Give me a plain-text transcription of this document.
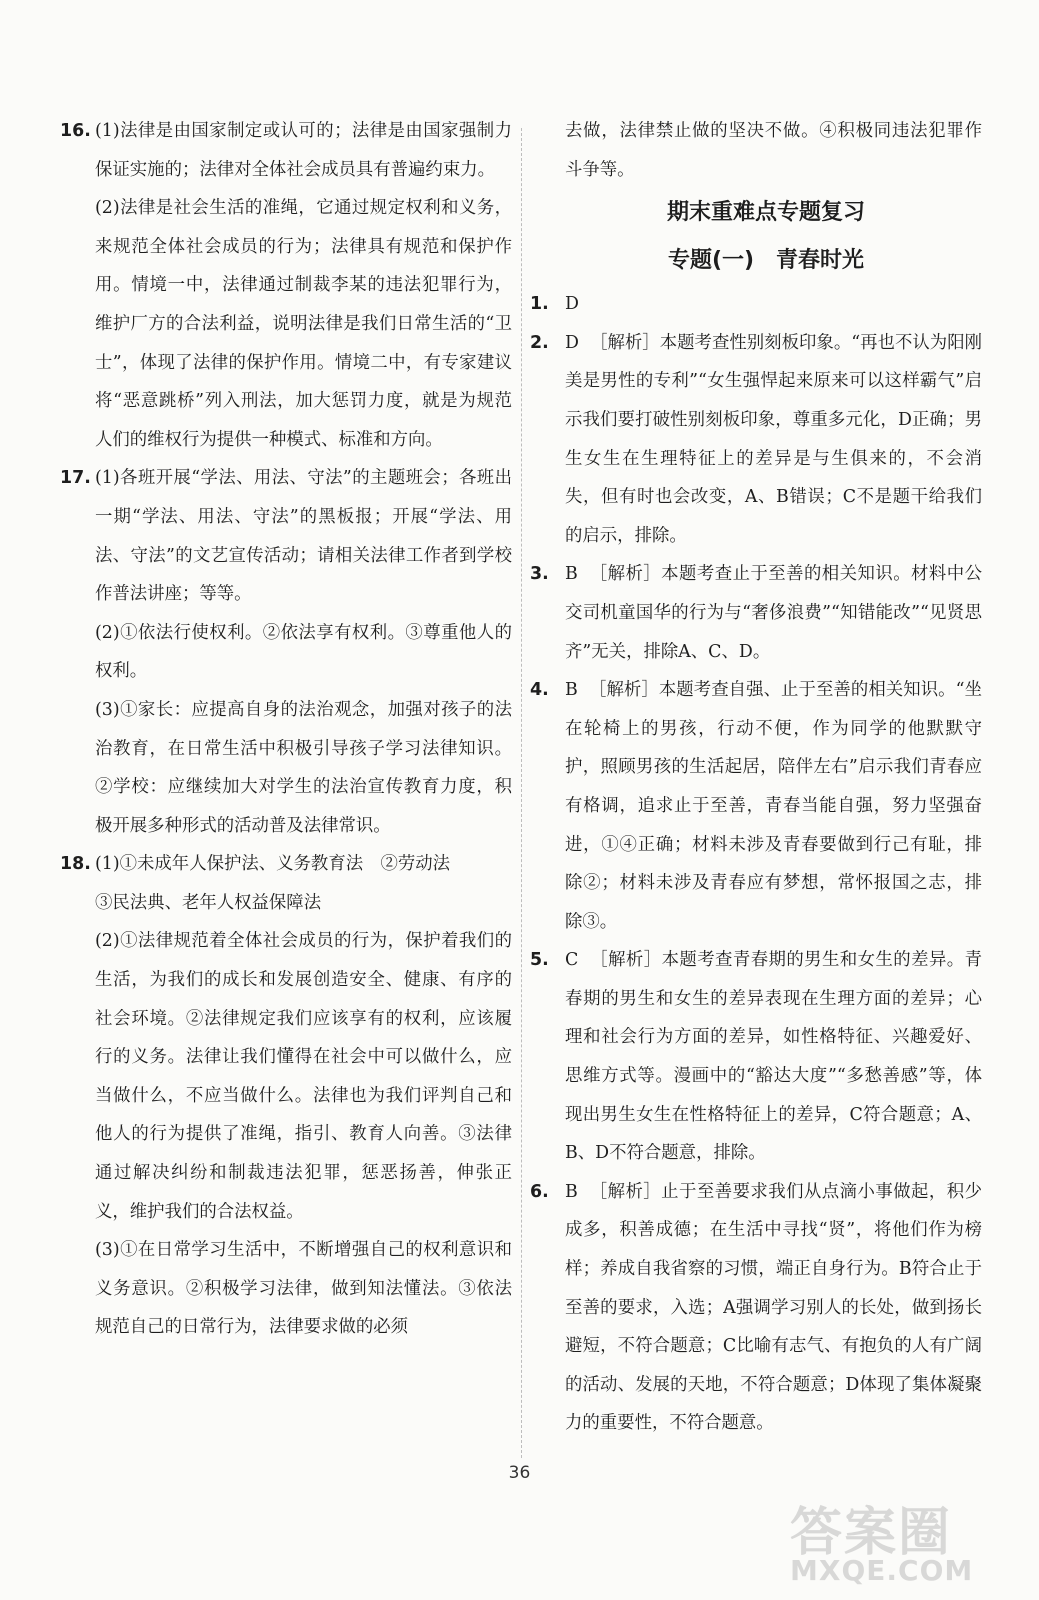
16. (1)法律是由国家制定或认可的；法律是由国家强制力保证实施的；法律对全体社会成员具有普遍约束力。
(2)法律是社会生活的准绳，它通过规定权利和义务，来规范全体社会成员的行为；法律具有规范和保护作用。情境一中，法律通过制裁李某的违法犯罪行为，维护厂方的合法利益，说明法律是我们日常生活的“卫士”，体现了法律的保护作用。情境二中，有专家建议将“恶意跳桥”列入刑法，加大惩罚力度，就是为规范人们的维权行为提供一种模式、标准和方向。
17. (1)各班开展“学法、用法、守法”的主题班会；各班出一期“学法、用法、守法”的黑板报；开展“学法、用法、守法”的文艺宣传活动；请相关法律工作者到学校作普法讲座；等等。
(2)①依法行使权利。②依法享有权利。③尊重他人的权利。
(3)①家长：应提高自身的法治观念，加强对孩子的法治教育，在日常生活中积极引导孩子学习法律知识。②学校：应继续加大对学生的法治宣传教育力度，积极开展多种形式的活动普及法律常识。
18. (1)①未成年人保护法、义务教育法　②劳动法
③民法典、老年人权益保障法
(2)①法律规范着全体社会成员的行为，保护着我们的生活，为我们的成长和发展创造安全、健康、有序的社会环境。②法律规定我们应该享有的权利，应该履行的义务。法律让我们懂得在社会中可以做什么，应当做什么，不应当做什么。法律也为我们评判自己和他人的行为提供了准绳，指引、教育人向善。③法律通过解决纠纷和制裁违法犯罪，惩恶扬善，伸张正义，维护我们的合法权益。
(3)①在日常学习生活中，不断增强自己的权利意识和义务意识。②积极学习法律，做到知法懂法。③依法规范自己的日常行为，法律要求做的必须
去做，法律禁止做的坚决不做。④积极同违法犯罪作斗争等。
期末重难点专题复习
专题(一)　青春时光
1. D
2. D ［解析］本题考查性别刻板印象。“再也不认为阳刚美是男性的专利”“女生强悍起来原来可以这样霸气”启示我们要打破性别刻板印象，尊重多元化，D正确；男生女生在生理特征上的差异是与生俱来的，不会消失，但有时也会改变，A、B错误；C不是题干给我们的启示，排除。
3. B ［解析］本题考查止于至善的相关知识。材料中公交司机童国华的行为与“奢侈浪费”“知错能改”“见贤思齐”无关，排除A、C、D。
4. B ［解析］本题考查自强、止于至善的相关知识。“坐在轮椅上的男孩，行动不便，作为同学的他默默守护，照顾男孩的生活起居，陪伴左右”启示我们青春应有格调，追求止于至善，青春当能自强，努力坚强奋进，①④正确；材料未涉及青春要做到行己有耻，排除②；材料未涉及青春应有梦想，常怀报国之志，排除③。
5. C ［解析］本题考查青春期的男生和女生的差异。青春期的男生和女生的差异表现在生理方面的差异；心理和社会行为方面的差异，如性格特征、兴趣爱好、思维方式等。漫画中的“豁达大度”“多愁善感”等，体现出男生女生在性格特征上的差异，C符合题意；A、B、D不符合题意，排除。
6. B ［解析］止于至善要求我们从点滴小事做起，积少成多，积善成德；在生活中寻找“贤”，将他们作为榜样；养成自我省察的习惯，端正自身行为。B符合止于至善的要求，入选；A强调学习别人的长处，做到扬长避短，不符合题意；C比喻有志气、有抱负的人有广阔的活动、发展的天地，不符合题意；D体现了集体凝聚力的重要性，不符合题意。
36
答案圈
MXQE.COM
